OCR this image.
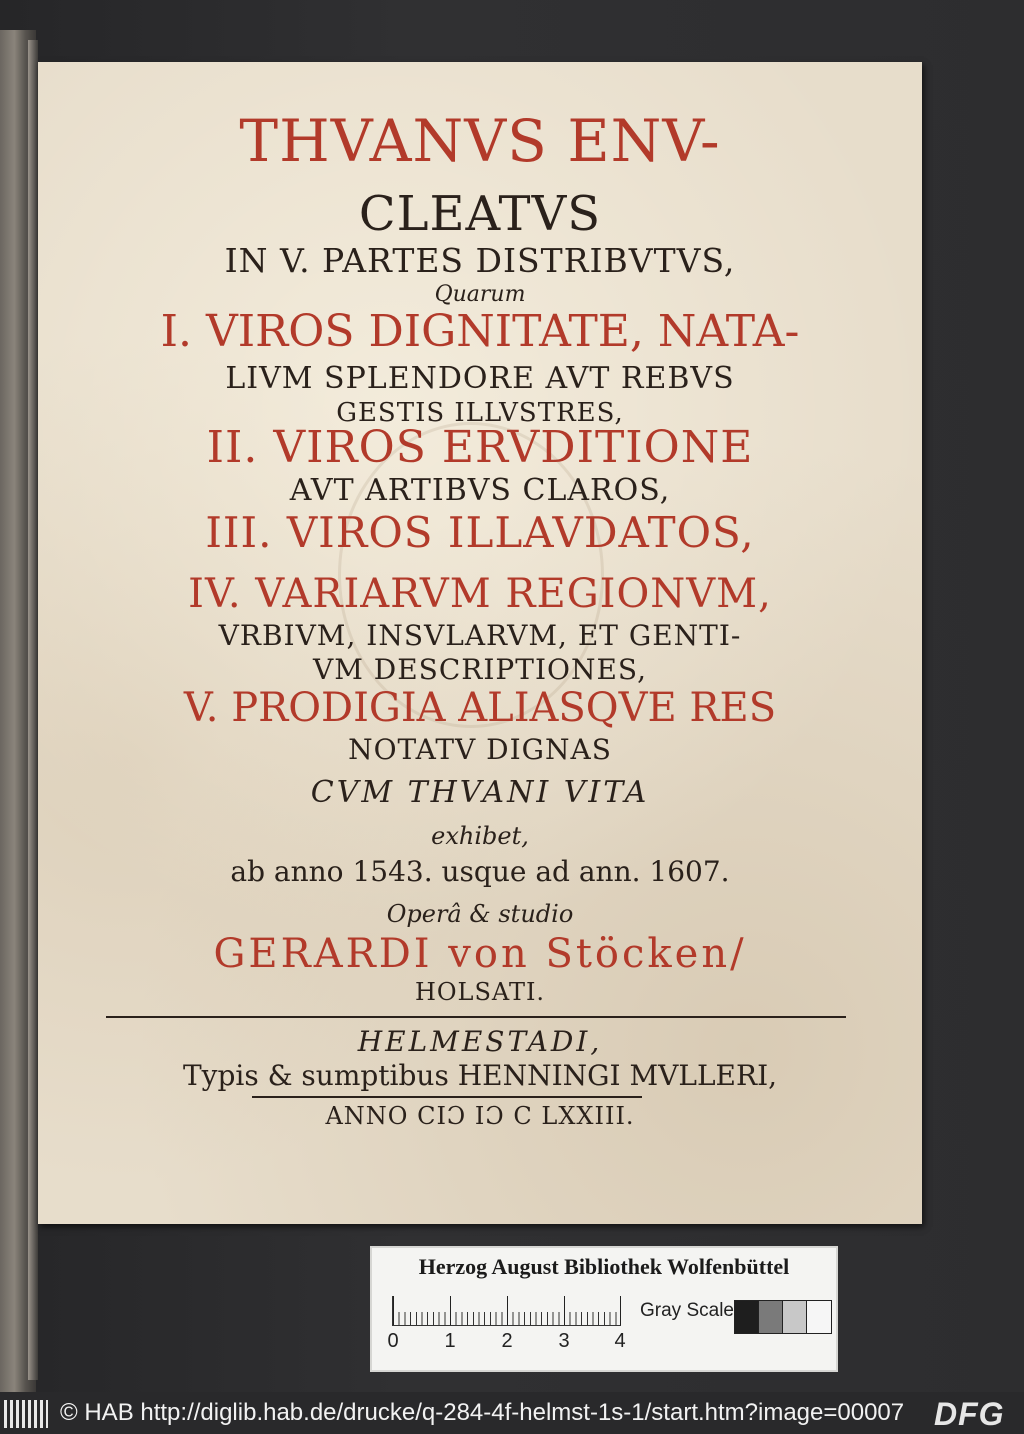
THVANVS ENV-
CLEATVS
IN V. PARTES DISTRIBVTVS,
Quarum
I. VIROS DIGNITATE, NATA-
LIVM SPLENDORE AVT REBVS
GESTIS ILLVSTRES,
II. VIROS ERVDITIONE
AVT ARTIBVS CLAROS,
III. VIROS ILLAVDATOS,
IV. VARIARVM REGIONVM,
VRBIVM, INSVLARVM, ET GENTI-
VM DESCRIPTIONES,
V. PRODIGIA ALIASQVE RES
NOTATV DIGNAS
CVM THVANI VITA
exhibet,
ab anno 1543. usque ad ann. 1607.
Operâ & studio
GERARDI von Stöcken/
HOLSATI.
HELMESTADI,
Typis & sumptibus HENNINGI MVLLERI,
ANNO CIƆ IƆ C LXXIII.
Herzog August Bibliothek Wolfenbüttel
0 1 2 3 4
Gray Scale
© HAB http://diglib.hab.de/drucke/q-284-4f-helmst-1s-1/start.htm?image=00007 DFG
